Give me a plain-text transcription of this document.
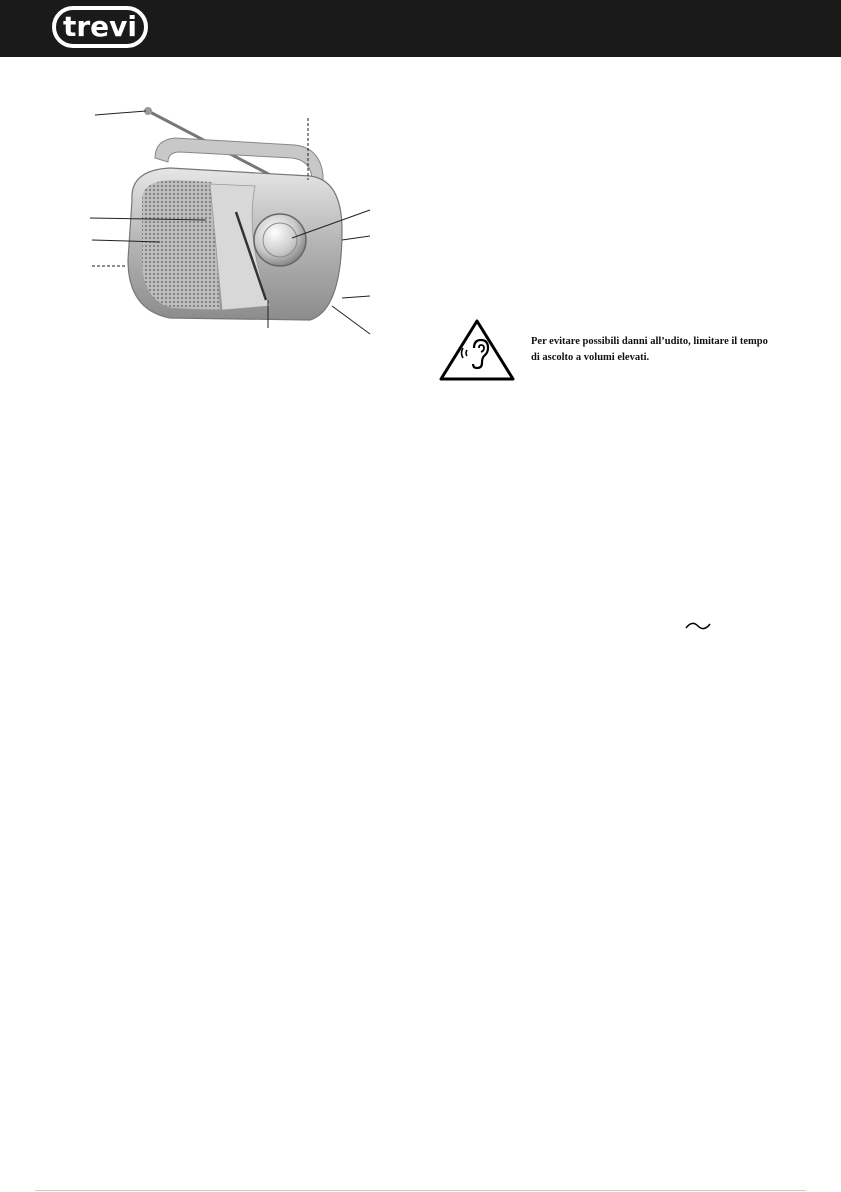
trevi

Per evitare possibili danni all’udito, limitare il tempo di ascolto a volumi elevati.
